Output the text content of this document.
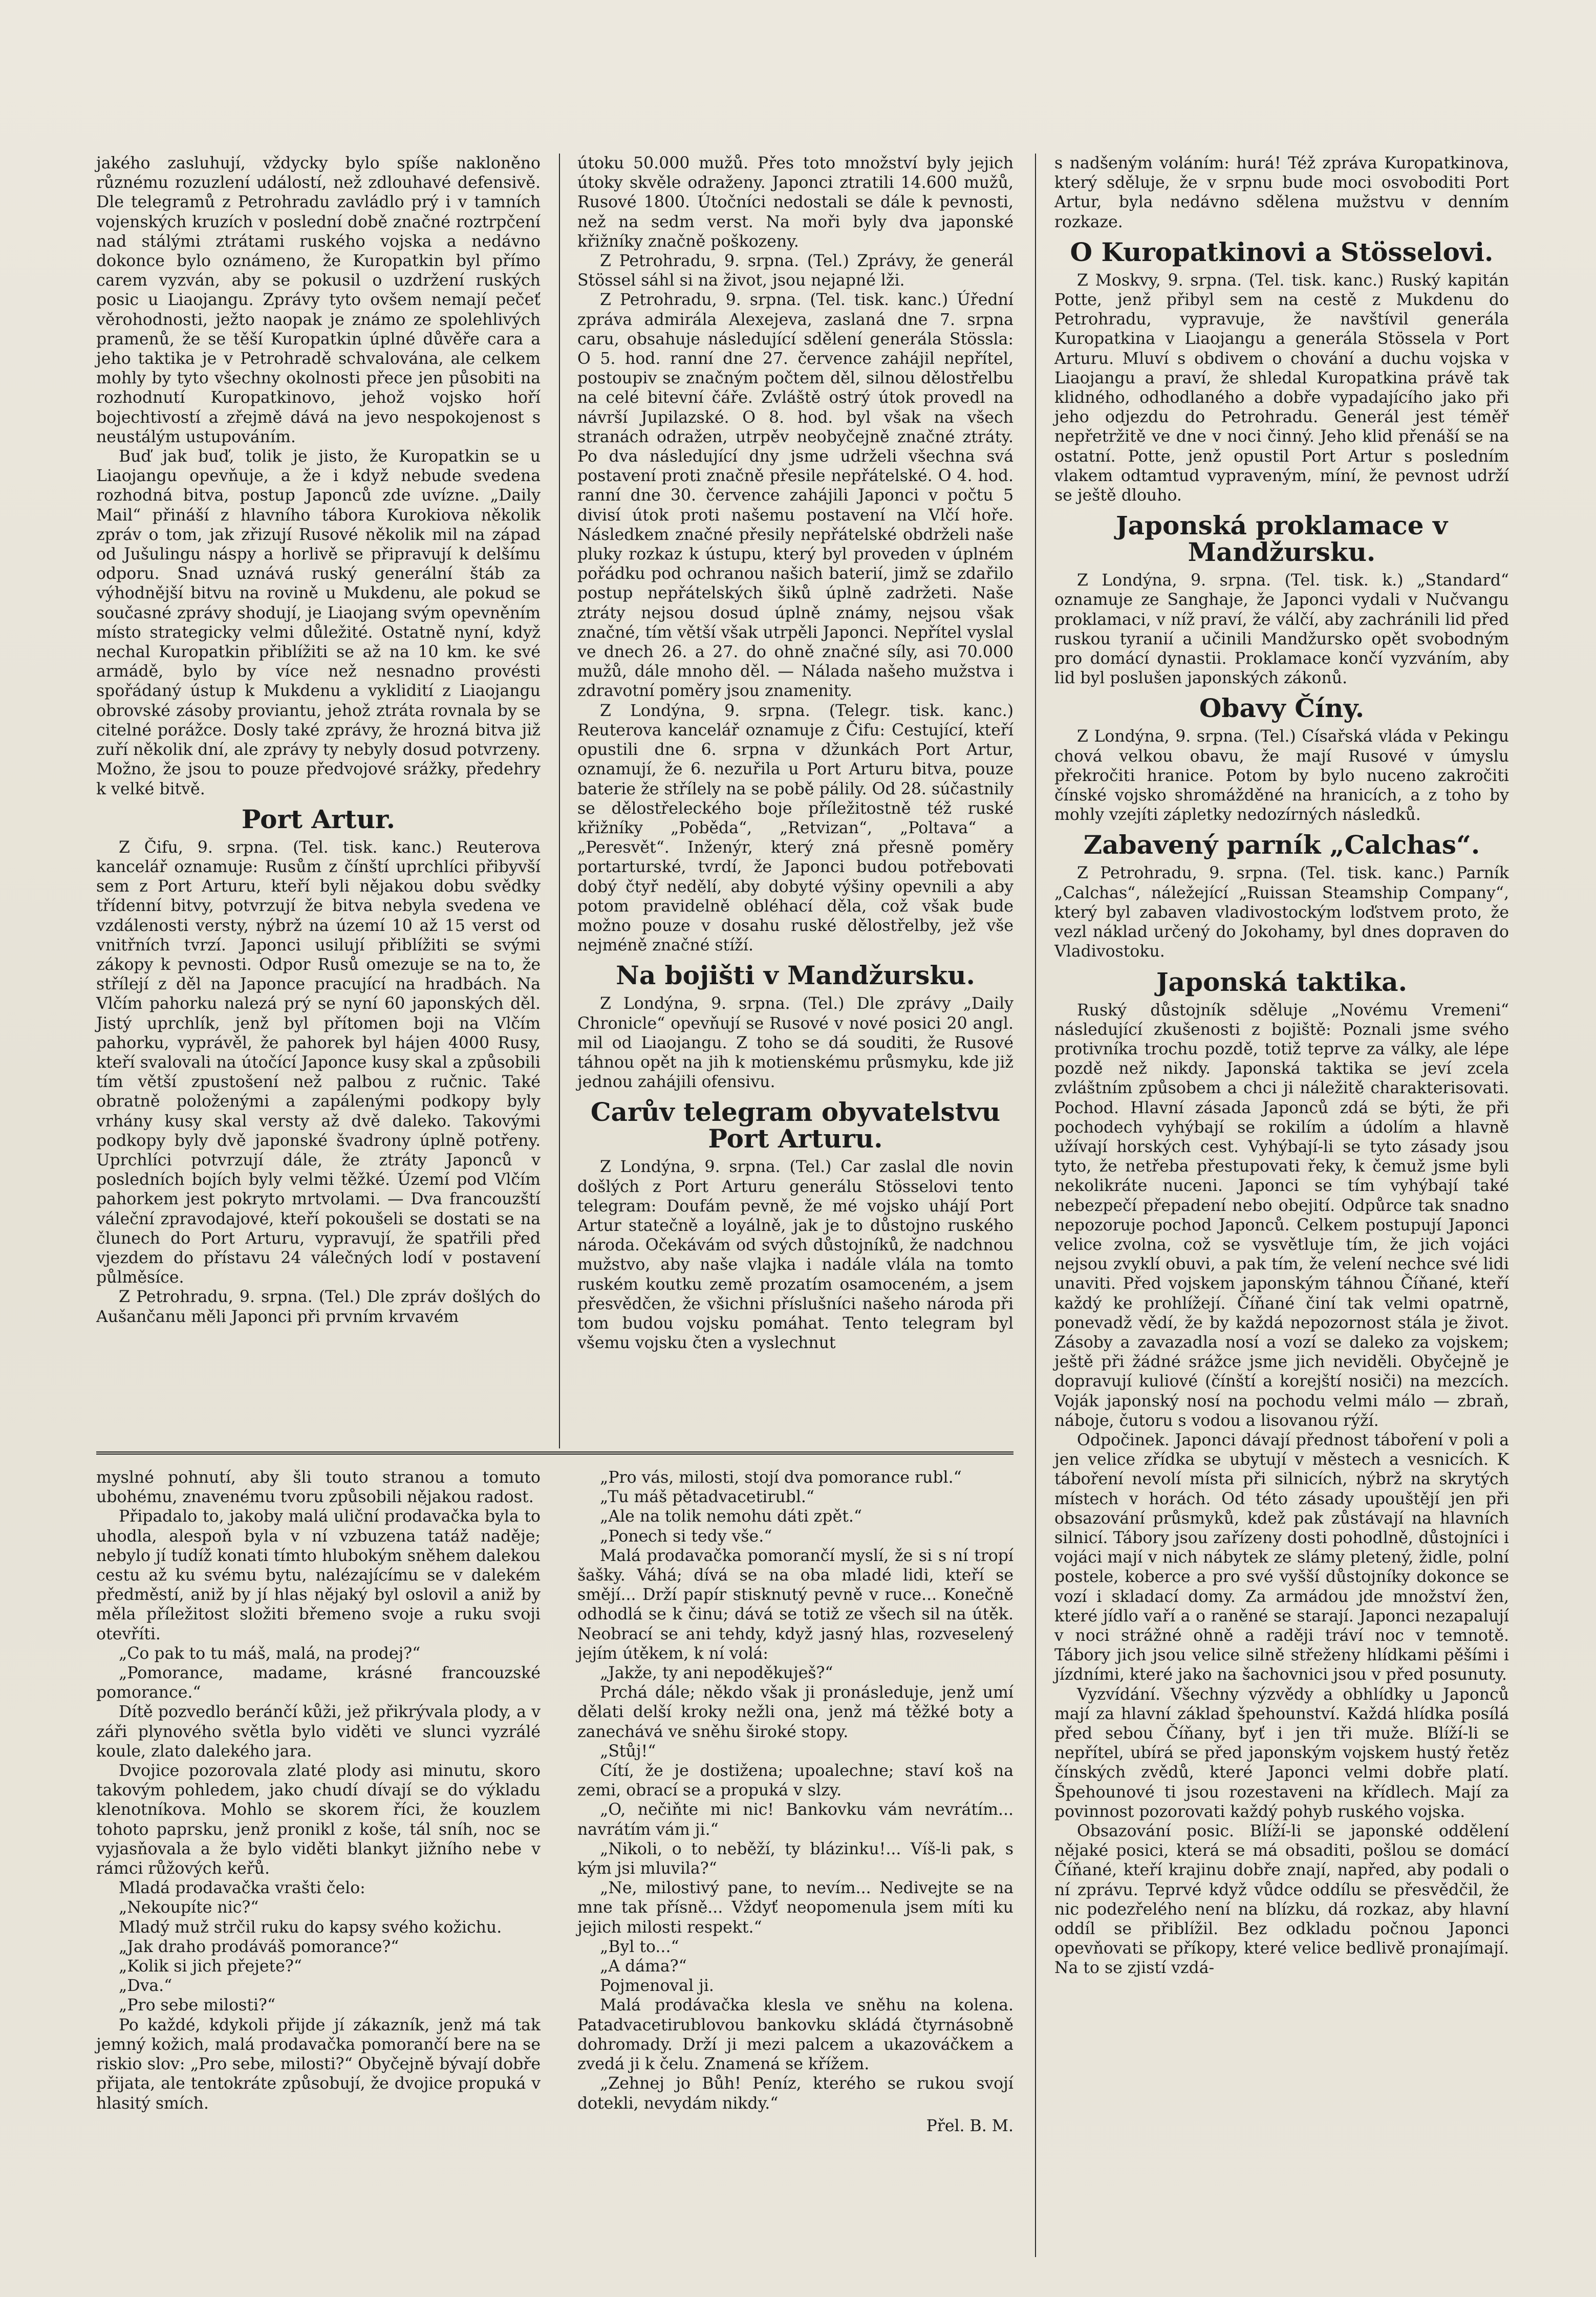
jakého zasluhují, vždycky bylo spíše nakloněno různému rozuzlení událostí, než zdlouhavé defensivě. Dle telegramů z Petrohradu zavládlo prý i v tamních vojenských kruzích v poslední době značné roztrpčení nad stálými ztrátami ruského vojska a nedávno dokonce bylo oznámeno, že Kuropatkin byl přímo carem vyzván, aby se pokusil o uzdržení ruských posic u Liaojangu. Zprávy tyto ovšem nemají pečeť věrohodnosti, ježto naopak je známo ze spolehlivých pramenů, že se těší Kuropatkin úplné důvěře cara a jeho taktika je v Petrohradě schvalována, ale celkem mohly by tyto všechny okolnosti přece jen působiti na rozhodnutí Kuropatkinovo, jehož vojsko hoří bojechtivostí a zřejmě dává na jevo nespokojenost s neustálým ustupováním.

Buď jak buď, tolik je jisto, že Kuropatkin se u Liaojangu opevňuje, a že i když nebude svedena rozhodná bitva, postup Japonců zde uvízne. „Daily Mail“ přináší z hlavního tábora Kurokiova několik zpráv o tom, jak zřizují Rusové několik mil na západ od Jušulingu náspy a horlivě se připravují k delšímu odporu. Snad uznává ruský generální štáb za výhodnější bitvu na rovině u Mukdenu, ale pokud se současné zprávy shodují, je Liaojang svým opevněním místo strategicky velmi důležité. Ostatně nyní, když nechal Kuropatkin přiblížiti se až na 10 km. ke své armádě, bylo by více než nesnadno provésti spořádaný ústup k Mukdenu a vyklidití z Liaojangu obrovské zásoby proviantu, jehož ztráta rovnala by se citelné porážce. Dosly také zprávy, že hrozná bitva již zuří několik dní, ale zprávy ty nebyly dosud potvrzeny. Možno, že jsou to pouze předvojové srážky, předehry k velké bitvě.

Port Artur.

Z Čifu, 9. srpna. (Tel. tisk. kanc.) Reuterova kancelář oznamuje: Rusům z čínští uprchlíci přibyvší sem z Port Arturu, kteří byli nějakou dobu svědky třídenní bitvy, potvrzují že bitva nebyla svedena ve vzdálenosti versty, nýbrž na území 10 až 15 verst od vnitřních tvrzí. Japonci usilují přiblížiti se svými zákopy k pevnosti. Odpor Rusů omezuje se na to, že střílejí z děl na Japonce pracující na hradbách. Na Vlčím pahorku nalezá prý se nyní 60 japonských děl. Jistý uprchlík, jenž byl přítomen boji na Vlčím pahorku, vyprávěl, že pahorek byl hájen 4000 Rusy, kteří svalovali na útočící Japonce kusy skal a způsobili tím větší zpustošení než palbou z ručnic. Také obratně položenými a zapálenými podkopy byly vrhány kusy skal versty až dvě daleko. Takovými podkopy byly dvě japonské švadrony úplně potřeny. Uprchlíci potvrzují dále, že ztráty Japonců v posledních bojích byly velmi těžké. Území pod Vlčím pahorkem jest pokryto mrtvolami. — Dva francouzští váleční zpravodajové, kteří pokoušeli se dostati se na člunech do Port Arturu, vypravují, že spatřili před vjezdem do přístavu 24 válečných lodí v postavení půlměsíce.

Z Petrohradu, 9. srpna. (Tel.) Dle zpráv došlých do Aušančanu měli Japonci při prvním krvavém

útoku 50.000 mužů. Přes toto množství byly jejich útoky skvěle odraženy. Japonci ztratili 14.600 mužů, Rusové 1800. Útočníci nedostali se dále k pevnosti, než na sedm verst. Na moři byly dva japonské křižníky značně poškozeny.

Z Petrohradu, 9. srpna. (Tel.) Zprávy, že generál Stössel sáhl si na život, jsou nejapné lži.

Z Petrohradu, 9. srpna. (Tel. tisk. kanc.) Úřední zpráva admirála Alexejeva, zaslaná dne 7. srpna caru, obsahuje následující sdělení generála Stössla: O 5. hod. ranní dne 27. července zahájil nepřítel, postoupiv se značným počtem děl, silnou dělostřelbu na celé bitevní čáře. Zvláště ostrý útok provedl na návrší Jupilazské. O 8. hod. byl však na všech stranách odražen, utrpěv neobyčejně značné ztráty. Po dva následující dny jsme udrželi všechna svá postavení proti značně přesile nepřátelské. O 4. hod. ranní dne 30. července zahájili Japonci v počtu 5 divisí útok proti našemu postavení na Vlčí hoře. Následkem značné přesily nepřátelské obdrželi naše pluky rozkaz k ústupu, který byl proveden v úplném pořádku pod ochranou našich baterií, jimž se zdařilo postup nepřátelských šiků úplně zadržeti. Naše ztráty nejsou dosud úplně známy, nejsou však značné, tím větší však utrpěli Japonci. Nepřítel vyslal ve dnech 26. a 27. do ohně značné síly, asi 70.000 mužů, dále mnoho děl. — Nálada našeho mužstva i zdravotní poměry jsou znamenity.

Z Londýna, 9. srpna. (Telegr. tisk. kanc.) Reuterova kancelář oznamuje z Čifu: Cestující, kteří opustili dne 6. srpna v džunkách Port Artur, oznamují, že 6. nezuřila u Port Arturu bitva, pouze baterie že střílely na se pobě pálily. Od 28. súčastnily se dělostřeleckého boje příležitostně též ruské křižníky „Poběda“, „Retvizan“, „Poltava“ a „Peresvět“. Inženýr, který zná přesně poměry portarturské, tvrdí, že Japonci budou potřebovati dobý čtyř nedělí, aby dobyté výšiny opevnili a aby potom pravidelně obléhací děla, což však bude možno pouze v dosahu ruské dělostřelby, jež vše nejméně značné stíží.

Na bojišti v Mandžursku.

Z Londýna, 9. srpna. (Tel.) Dle zprávy „Daily Chronicle“ opevňují se Rusové v nové posici 20 angl. mil od Liaojangu. Z toho se dá souditi, že Rusové táhnou opět na jih k motienskému průsmyku, kde již jednou zahájili ofensivu.

Carův telegram obyvatelstvu Port Arturu.

Z Londýna, 9. srpna. (Tel.) Car zaslal dle novin došlých z Port Arturu generálu Stösselovi tento telegram: Doufám pevně, že mé vojsko uhájí Port Artur statečně a loyálně, jak je to důstojno ruského národa. Očekávám od svých důstojníků, že nadchnou mužstvo, aby naše vlajka i nadále vlála na tomto ruském koutku země prozatím osamoceném, a jsem přesvědčen, že všichni příslušníci našeho národa při tom budou vojsku pomáhat. Tento telegram byl všemu vojsku čten a vyslechnut

s nadšeným voláním: hurá! Též zpráva Kuropatkinova, který sděluje, že v srpnu bude moci osvoboditi Port Artur, byla nedávno sdělena mužstvu v denním rozkaze.

O Kuropatkinovi a Stösselovi.

Z Moskvy, 9. srpna. (Tel. tisk. kanc.) Ruský kapitán Potte, jenž přibyl sem na cestě z Mukdenu do Petrohradu, vypravuje, že navštívil generála Kuropatkina v Liaojangu a generála Stössela v Port Arturu. Mluví s obdivem o chování a duchu vojska v Liaojangu a praví, že shledal Kuropatkina právě tak klidného, odhodlaného a dobře vypadajícího jako při jeho odjezdu do Petrohradu. Generál jest téměř nepřetržitě ve dne v noci činný. Jeho klid přenáší se na ostatní. Potte, jenž opustil Port Artur s posledním vlakem odtamtud vypraveným, míní, že pevnost udrží se ještě dlouho.

Japonská proklamace v Mandžursku.

Z Londýna, 9. srpna. (Tel. tisk. k.) „Standard“ oznamuje ze Sanghaje, že Japonci vydali v Nučvangu proklamaci, v níž praví, že válčí, aby zachránili lid před ruskou tyranií a učinili Mandžursko opět svobodným pro domácí dynastii. Proklamace končí vyzváním, aby lid byl poslušen japonských zákonů.

Obavy Číny.

Z Londýna, 9. srpna. (Tel.) Císařská vláda v Pekingu chová velkou obavu, že mají Rusové v úmyslu překročiti hranice. Potom by bylo nuceno zakročiti čínské vojsko shromážděné na hranicích, a z toho by mohly vzejíti zápletky nedozírných následků.

Zabavený parník „Calchas“.

Z Petrohradu, 9. srpna. (Tel. tisk. kanc.) Parník „Calchas“, náležející „Ruissan Steamship Company“, který byl zabaven vladivostockým loďstvem proto, že vezl náklad určený do Jokohamy, byl dnes dopraven do Vladivostoku.

Japonská taktika.

Ruský důstojník sděluje „Novému Vremeni“ následující zkušenosti z bojiště: Poznali jsme svého protivníka trochu pozdě, totiž teprve za války, ale lépe pozdě než nikdy. Japonská taktika se jeví zcela zvláštním způsobem a chci ji náležitě charakterisovati. Pochod. Hlavní zásada Japonců zdá se býti, že při pochodech vyhýbají se rokilím a údolím a hlavně užívají horských cest. Vyhýbají-li se tyto zásady jsou tyto, že netřeba přestupovati řeky, k čemuž jsme byli nekolikráte nuceni. Japonci se tím vyhýbají také nebezpečí přepadení nebo obejití. Odpůrce tak snadno nepozoruje pochod Japonců. Celkem postupují Japonci velice zvolna, což se vysvětluje tím, že jich vojáci nejsou zvyklí obuvi, a pak tím, že velení nechce své lidi unaviti. Před vojskem japonským táhnou Číňané, kteří každý ke prohlížejí. Číňané činí tak velmi opatrně, ponevadž vědí, že by každá nepozornost stála je život. Zásoby a zavazadla nosí a vozí se daleko za vojskem; ještě při žádné srážce jsme jich neviděli. Obyčejně je dopravují kuliové (čínští a korejští nosiči) na mezcích. Voják japonský nosí na pochodu velmi málo — zbraň, náboje, čutoru s vodou a lisovanou rýží.

Odpočinek. Japonci dávají přednost táboření v poli a jen velice zřídka se ubytují v městech a vesnicích. K táboření nevolí místa při silnicích, nýbrž na skrytých místech v horách. Od této zásady upouštějí jen při obsazování průsmyků, kdež pak zůstávají na hlavních silnicí. Tábory jsou zařízeny dosti pohodlně, důstojníci i vojáci mají v nich nábytek ze slámy pletený, židle, polní postele, koberce a pro své vyšší důstojníky dokonce se vozí i skladací domy. Za armádou jde množství žen, které jídlo vaří a o raněné se starají. Japonci nezapalují v noci strážné ohně a raději tráví noc v temnotě. Tábory jich jsou velice silně střeženy hlídkami pěšími i jízdními, které jako na šachovnici jsou v před posunuty.

Vyzvídání. Všechny výzvědy a obhlídky u Japonců mají za hlavní základ špehounství. Každá hlídka posílá před sebou Číňany, byť i jen tři muže. Blíží-li se nepřítel, ubírá se před japonským vojskem hustý řetěz čínských zvědů, které Japonci velmi dobře platí. Špehounové ti jsou rozestaveni na křídlech. Mají za povinnost pozorovati každý pohyb ruského vojska.

Obsazování posic. Blíží-li se japonské oddělení nějaké posici, která se má obsaditi, pošlou se domácí Číňané, kteří krajinu dobře znají, napřed, aby podali o ní zprávu. Teprvé když vůdce oddílu se přesvědčil, že nic podezřelého není na blízku, dá rozkaz, aby hlavní oddíl se přiblížil. Bez odkladu počnou Japonci opevňovati se příkopy, které velice bedlivě pronajímají. Na to se zjistí vzdá-

myslné pohnutí, aby šli touto stranou a tomuto ubohému, znavenému tvoru způsobili nějakou radost.

Připadalo to, jakoby malá uliční prodavačka byla to uhodla, alespoň byla v ní vzbuzena tatáž naděje; nebylo jí tudíž konati tímto hlubokým sněhem dalekou cestu až ku svému bytu, nalézajícímu se v dalekém předměstí, aniž by jí hlas nějaký byl oslovil a aniž by měla příležitost složiti břemeno svoje a ruku svoji otevříti.

„Co pak to tu máš, malá, na prodej?“

„Pomorance, madame, krásné francouzské pomorance.“

Dítě pozvedlo beránčí kůži, jež přikrývala plody, a v záři plynového světla bylo viděti ve slunci vyzrálé koule, zlato dalekého jara.

Dvojice pozorovala zlaté plody asi minutu, skoro takovým pohledem, jako chudí dívají se do výkladu klenotníkova. Mohlo se skorem říci, že kouzlem tohoto paprsku, jenž pronikl z koše, tál sníh, noc se vyjasňovala a že bylo viděti blankyt jižního nebe v rámci růžových keřů.

Mladá prodavačka vrašti čelo:

„Nekoupíte nic?“

Mladý muž strčil ruku do kapsy svého kožichu.

„Jak draho prodáváš pomorance?“

„Kolik si jich přejete?“

„Dva.“

„Pro sebe milosti?“

Po každé, kdykoli přijde jí zákazník, jenž má tak jemný kožich, malá prodavačka pomorančí bere na se riskio slov: „Pro sebe, milosti?“ Obyčejně bývají dobře přijata, ale tentokráte způsobují, že dvojice propuká v hlasitý smích.

„Pro vás, milosti, stojí dva pomorance rubl.“

„Tu máš pětadvacetirubl.“

„Ale na tolik nemohu dáti zpět.“

„Ponech si tedy vše.“

Malá prodavačka pomorančí myslí, že si s ní tropí šašky. Váhá; dívá se na oba mladé lidi, kteří se smějí... Drží papír stisknutý pevně v ruce... Konečně odhodlá se k činu; dává se totiž ze všech sil na útěk. Neobrací se ani tehdy, když jasný hlas, rozveselený jejím útěkem, k ní volá:

„Jakže, ty ani nepoděkuješ?“

Prchá dále; někdo však ji pronásleduje, jenž umí dělati delší kroky nežli ona, jenž má těžké boty a zanechává ve sněhu široké stopy.

„Stůj!“

Cítí, že je dostižena; upoalechne; staví koš na zemi, obrací se a propuká v slzy.

„O, nečiňte mi nic! Bankovku vám nevrátím... navrátím vám ji.“

„Nikoli, o to neběží, ty blázinku!... Víš-li pak, s kým jsi mluvila?“

„Ne, milostivý pane, to nevím... Nedivejte se na mne tak přísně... Vždyť neopomenula jsem míti ku jejich milosti respekt.“

„Byl to...“

„A dáma?“

Pojmenoval ji.

Malá prodávačka klesla ve sněhu na kolena. Patadvacetirublovou bankovku skládá čtyrnásobně dohromady. Drží ji mezi palcem a ukazováčkem a zvedá ji k čelu. Znamená se křížem.

„Zehnej jo Bůh! Peníz, kterého se rukou svojí dotekli, nevydám nikdy.“

Přel. B. M.
